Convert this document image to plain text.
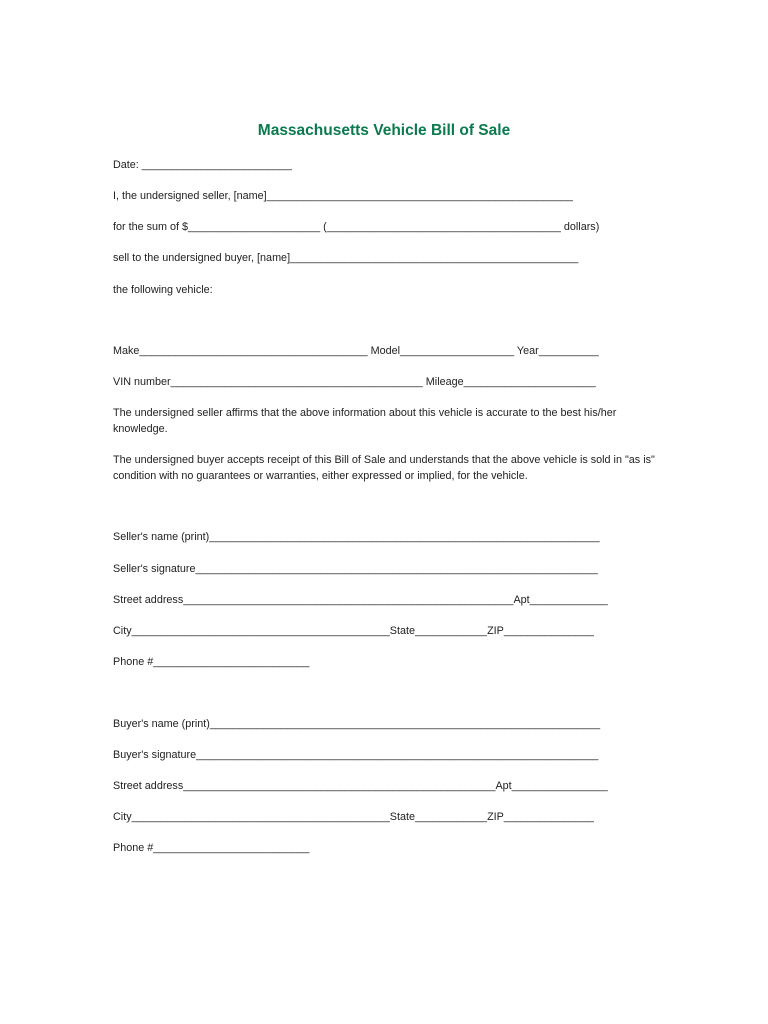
Massachusetts Vehicle Bill of Sale
Date: _________________________
I, the undersigned seller, [name]___________________________________________________
for the sum of $______________________ (_______________________________________ dollars)
sell to the undersigned buyer, [name]________________________________________________
the following vehicle:
Make______________________________________ Model___________________ Year__________
VIN number__________________________________________ Mileage______________________
The undersigned seller affirms that the above information about this vehicle is accurate to the best his/her knowledge.
The undersigned buyer accepts receipt of this Bill of Sale and understands that the above vehicle is sold in "as is" condition with no guarantees or warranties, either expressed or implied, for the vehicle.
Seller's name (print)_________________________________________________________________
Seller's signature___________________________________________________________________
Street address_______________________________________________________Apt_____________
City___________________________________________State____________ZIP_______________
Phone #__________________________
Buyer's name (print)_________________________________________________________________
Buyer's signature___________________________________________________________________
Street address____________________________________________________Apt________________
City___________________________________________State____________ZIP_______________
Phone #__________________________
